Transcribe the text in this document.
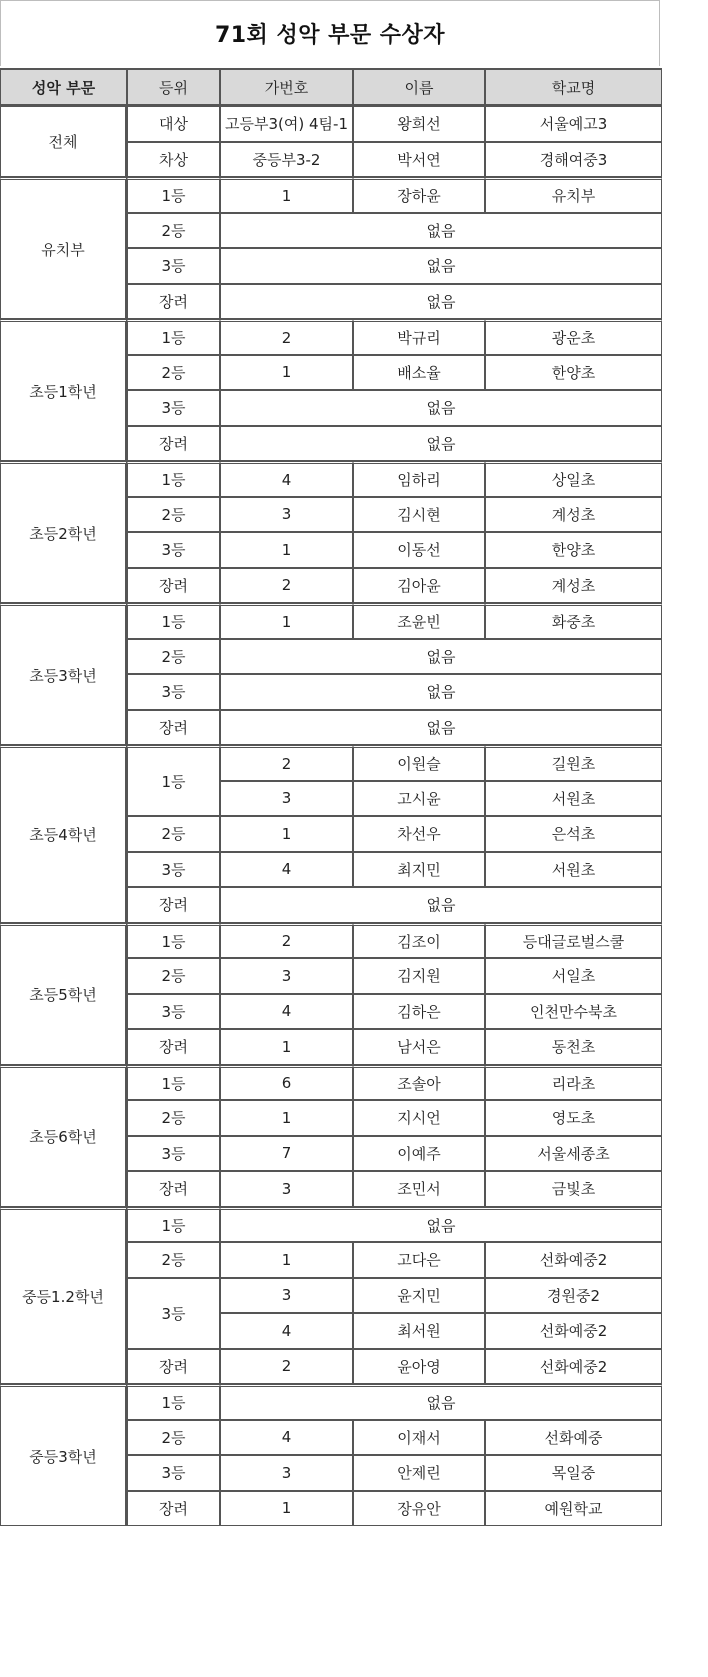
71회 성악 부문 수상자
성악 부문	등위	가번호	이름	학교명
전체	대상	고등부3(여) 4팀-1	왕희선	서울예고3
	차상	중등부3-2	박서연	경해여중3
유치부	1등	1	장하윤	유치부
	2등	없음		
	3등	없음		
	장려	없음		
초등1학년	1등	2	박규리	광운초
	2등	1	배소율	한양초
	3등	없음		
	장려	없음		
초등2학년	1등	4	임하리	상일초
	2등	3	김시현	계성초
	3등	1	이동선	한양초
	장려	2	김아윤	계성초
초등3학년	1등	1	조윤빈	화중초
	2등	없음		
	3등	없음		
	장려	없음		
초등4학년	1등	2	이원슬	길원초
		3	고시윤	서원초
	2등	1	차선우	은석초
	3등	4	최지민	서원초
	장려	없음		
초등5학년	1등	2	김조이	등대글로벌스쿨
	2등	3	김지원	서일초
	3등	4	김하은	인천만수북초
	장려	1	남서은	동천초
초등6학년	1등	6	조솔아	리라초
	2등	1	지시언	영도초
	3등	7	이예주	서울세종초
	장려	3	조민서	금빛초
중등1.2학년	1등	없음		
	2등	1	고다은	선화예중2
	3등	3	윤지민	경원중2
		4	최서원	선화예중2
	장려	2	윤아영	선화예중2
중등3학년	1등	없음		
	2등	4	이재서	선화예중
	3등	3	안제린	목일중
	장려	1	장유안	예원학교
